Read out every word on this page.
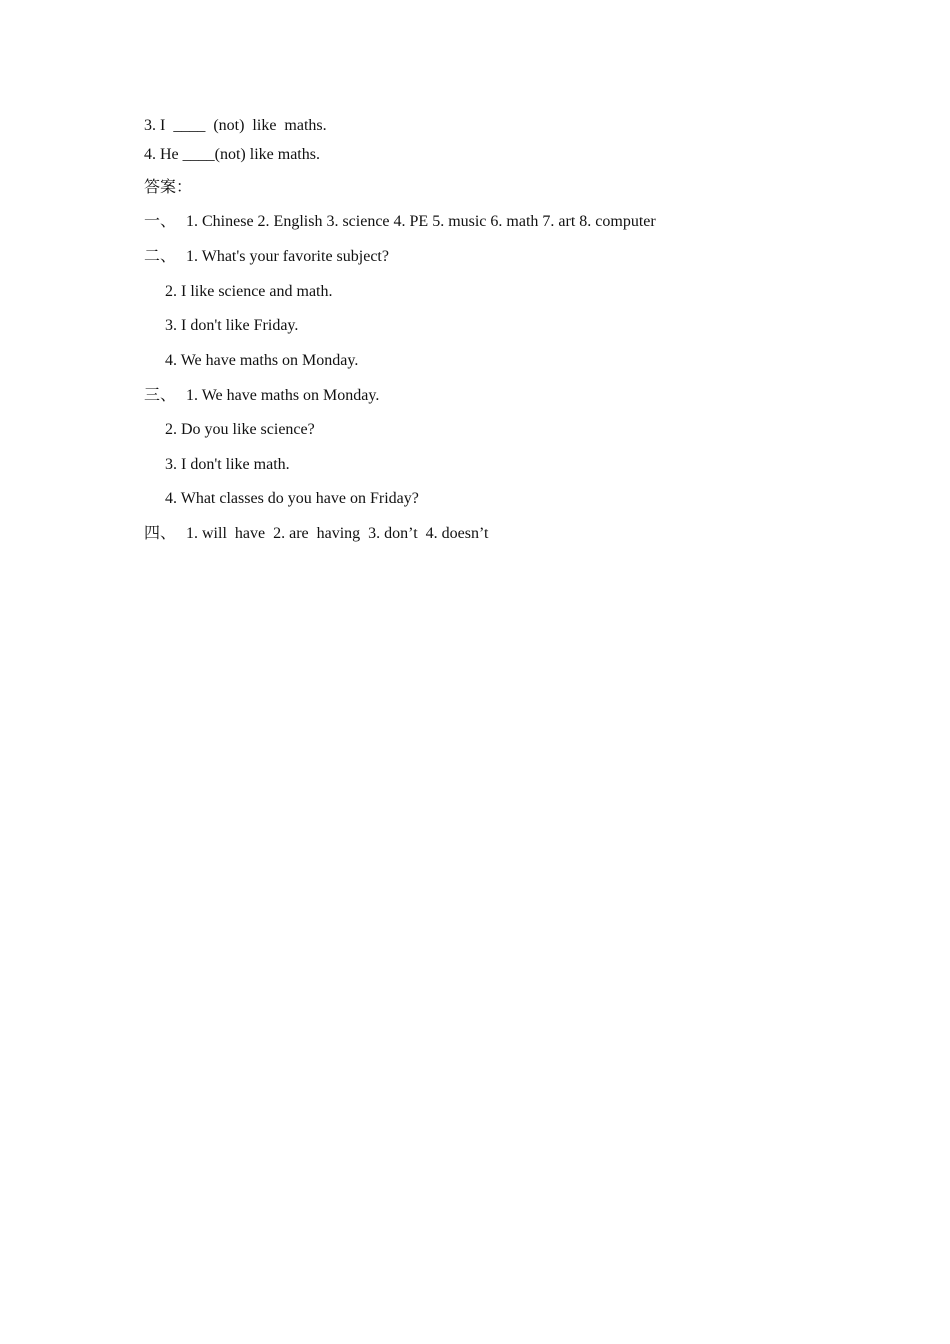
3. I  ____  (not)  like  maths.
4. He ____(not) like maths.
答案：
一、 1. Chinese 2. English 3. science 4. PE 5. music 6. math 7. art 8. computer
二、 1. What's your favorite subject?
2. I like science and math.
3. I don't like Friday.
4. We have maths on Monday.
三、 1. We have maths on Monday.
2. Do you like science?
3. I don't like math.
4. What classes do you have on Friday?
四、 1. will  have  2. are  having  3. don’t  4. doesn’t
